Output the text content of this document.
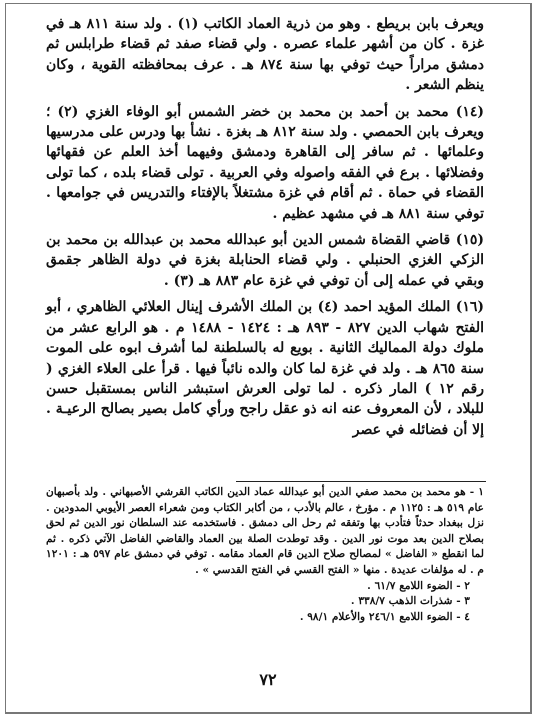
ويعرف بابن بريطع . وهو من ذرية العماد الكاتب (١) . ولد سنة ٨١١ هـ في غزة . كان من أشهر علماء عصره . ولي قضاء صفد ثم قضاء طرابلس ثم دمشق مراراً حيث توفي بها سنة ٨٧٤ هـ . عرف بمحافظته القوية ، وكان ينظم الشعر .

(١٤) محمد بن أحمد بن محمد بن خضر الشمس أبو الوفاء الغزي (٢) ؛ ويعرف بابن الحمصي . ولد سنة ٨١٢ هـ بغزة . نشأ بها ودرس على مدرسيها وعلمائها . ثم سافر إلى القاهرة ودمشق وفيهما أخذ العلم عن فقهائها وفضلائها . برع في الفقه واصوله وفي العربية . تولى قضاء بلده ، كما تولى القضاء في حماة . ثم أقام في غزة مشتغلاً بالإفتاء والتدريس في جوامعها . توفي سنة ٨٨١ هـ في مشهد عظيم .

(١٥) قاضي القضاة شمس الدين أبو عبدالله محمد بن عبدالله بن محمد بن الزكي الغزي الحنبلي . ولي قضاء الحنابلة بغزة في دولة الظاهر جقمق وبقي في عمله إلى أن توفي في غزة عام ٨٨٣ هـ (٣) .

(١٦) الملك المؤيد احمد (٤) بن الملك الأشرف إينال العلائي الظاهري ، أبو الفتح شهاب الدين ٨٢٧ - ٨٩٣ هـ : ١٤٢٤ - ١٤٨٨ م . هو الرابع عشر من ملوك دولة المماليك الثانية . بويع له بالسلطنة لما أشرف ابوه على الموت سنة ٨٦٥ هـ . ولد في غزة لما كان والده نائباً فيها . قرأ على العلاء الغزي ( رقم ١٢ ) المار ذكره . لما تولى العرش استبشر الناس بمستقبل حسن للبلاد ، لأن المعروف عنه انه ذو عقل راجح ورأي كامل بصير بصالح الرعيـة . إلا أن فضائله في عصر

١ - هو محمد بن محمد صفي الدين أبو عبدالله عماد الدين الكاتب القرشي الأصبهاني . ولد بأصبهان عام ٥١٩ هـ : ١١٢٥ م . مؤرخ ، عالم بالأدب ، من أكابر الكتاب ومن شعراء العصر الأيوبي المدودين . نزل ببغداد حدثاً فتأدب بها وتفقه ثم رحل الى دمشق . فاستخدمه عند السلطان نور الدين ثم لحق بصلاح الدين بعد موت نور الدين . وقد توطدت الصلة بين العماد والقاضي الفاضل الآتي ذكره . ثم لما انقطع « الفاضل » لمصالح صلاح الدين قام العماد مقامه . توفي في دمشق عام ٥٩٧ هـ : ١٢٠١ م . له مؤلفات عديدة . منها « الفتح القسي في الفتح القدسي » .

٢ - الضوء اللامع ٦١/٧ .

٣ - شذرات الذهب ٣٣٨/٧ .

٤ - الضوء اللامع ٢٤٦/١ والأعلام ٩٨/١ .

٧٢
